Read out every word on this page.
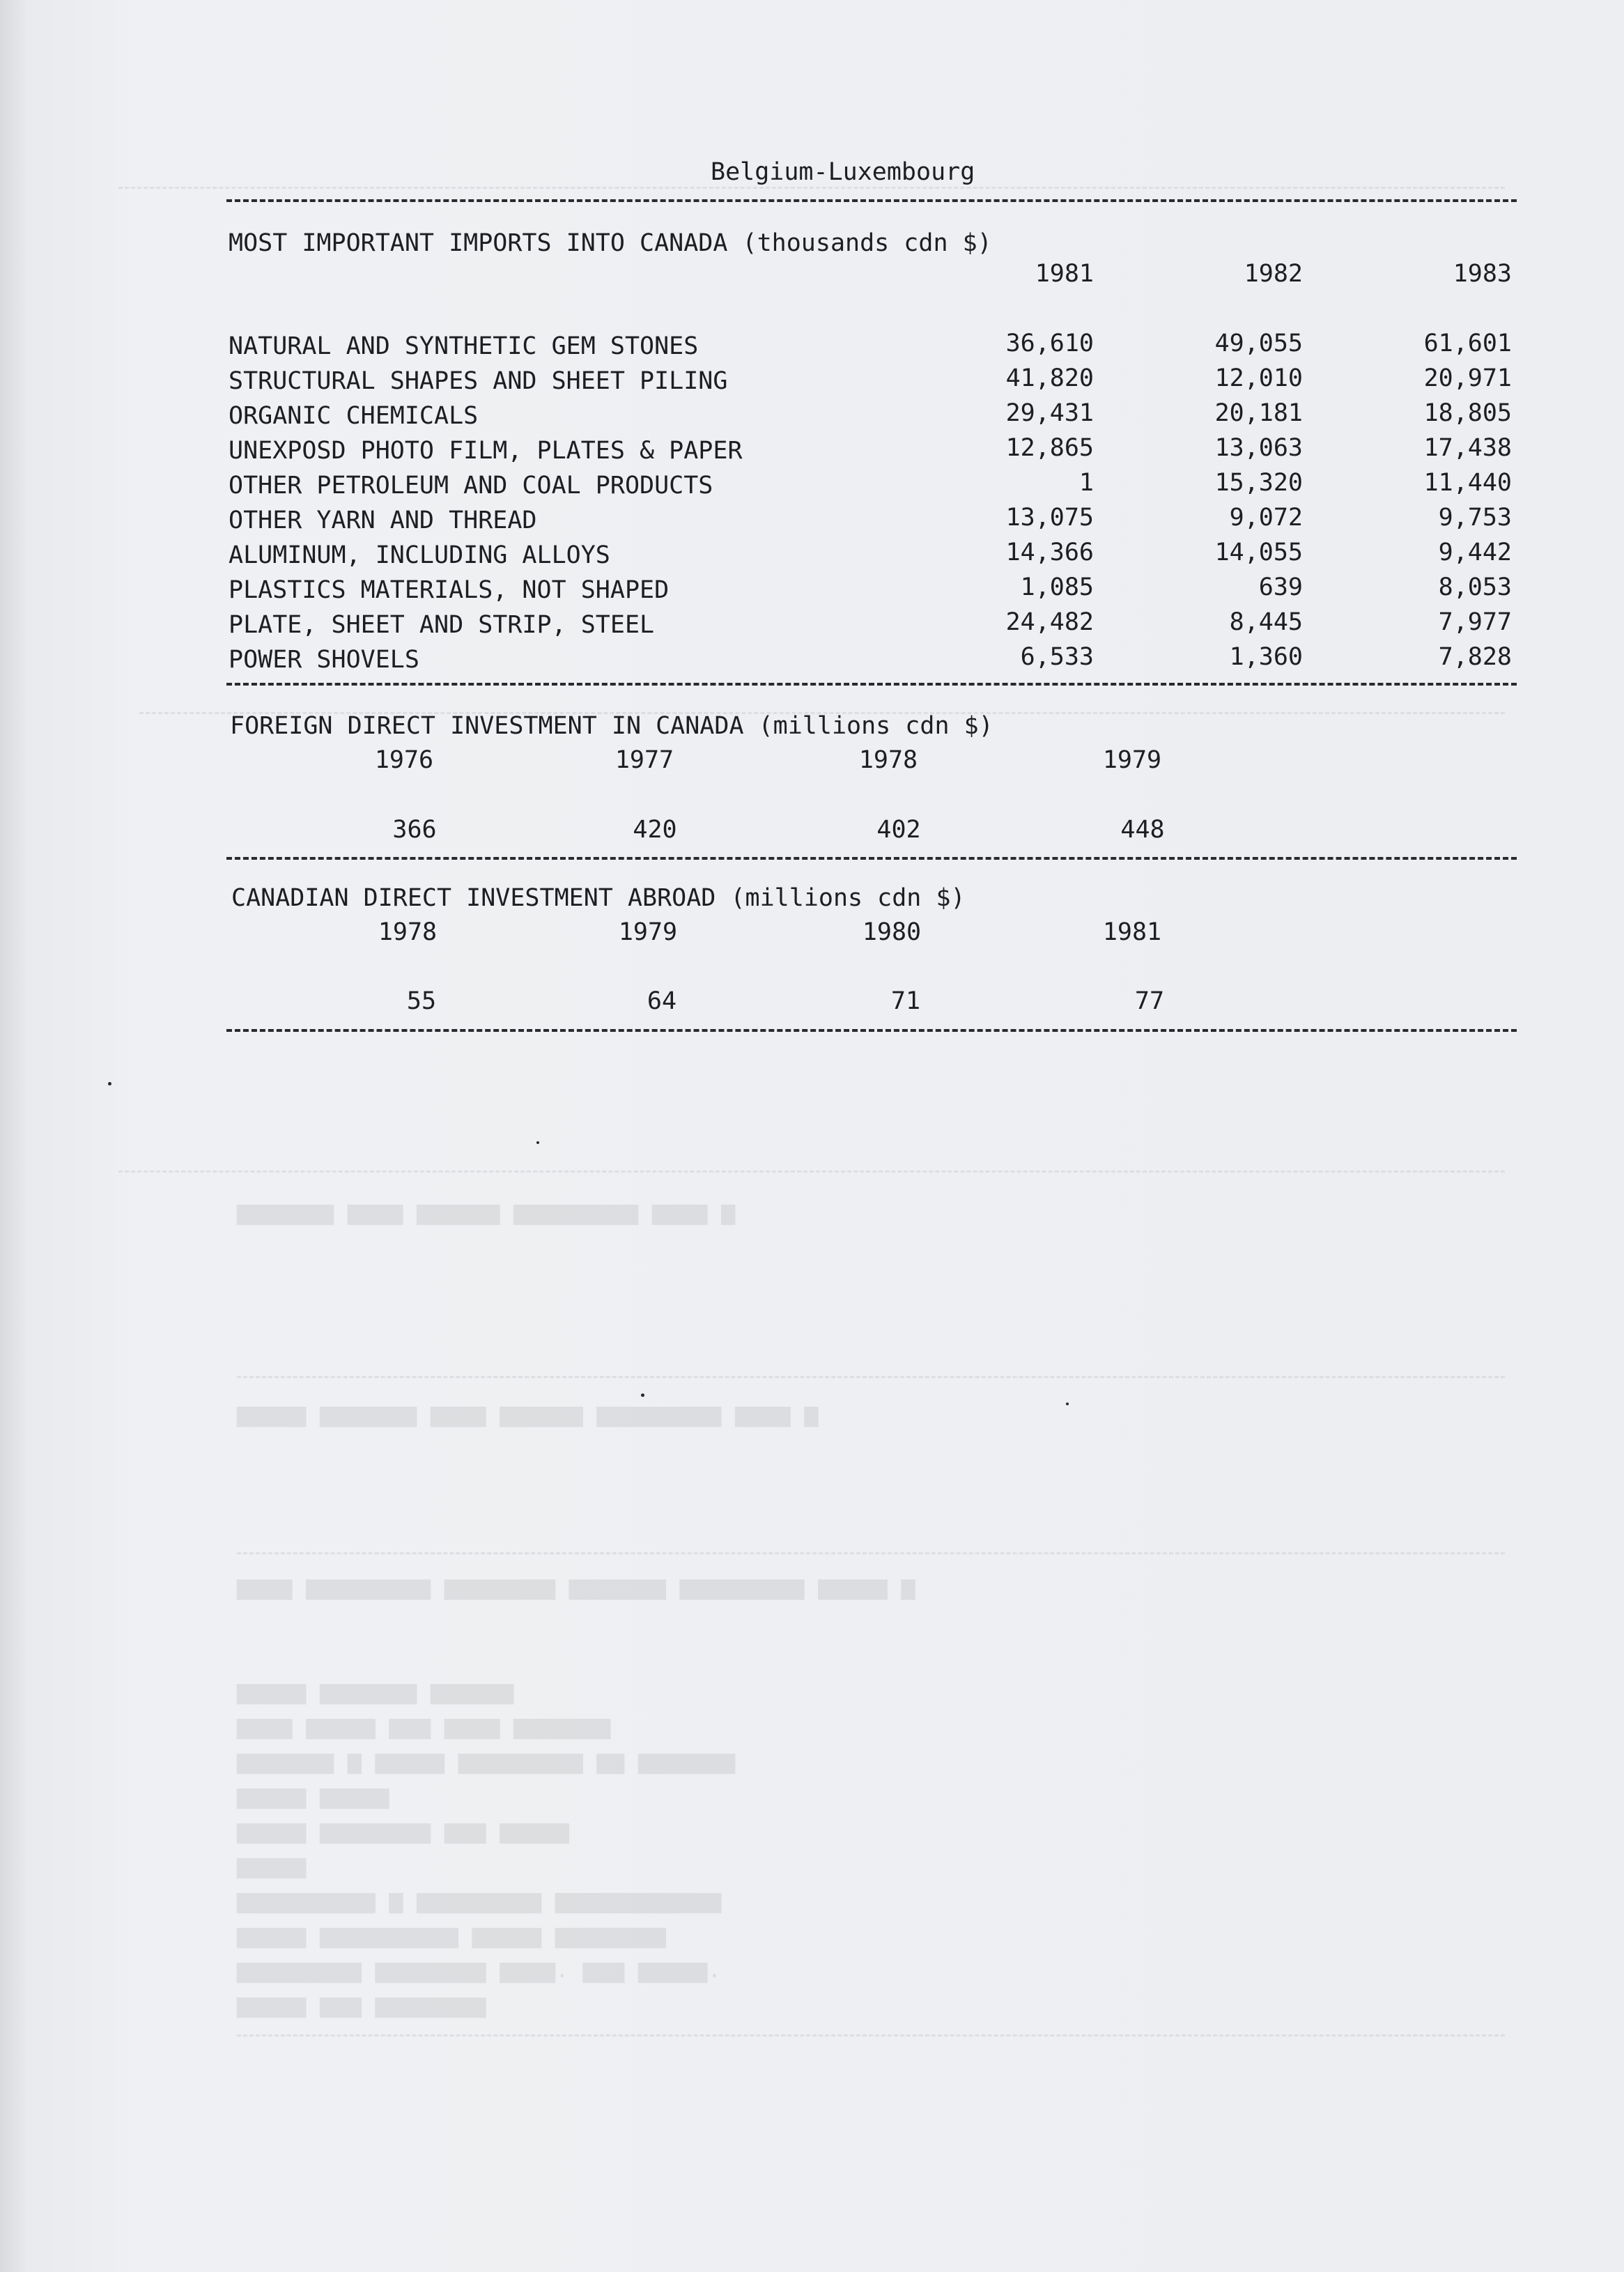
▆▆▆▆▆▆▆ ▆▆▆▆ ▆▆▆▆▆▆ ▆▆▆▆▆▆▆▆▆ ▆▆▆▆ ▆
▆▆▆▆▆ ▆▆▆▆▆▆▆ ▆▆▆▆ ▆▆▆▆▆▆ ▆▆▆▆▆▆▆▆▆ ▆▆▆▆ ▆
▆▆▆▆ ▆▆▆▆▆▆▆▆▆ ▆▆▆▆▆▆▆▆ ▆▆▆▆▆▆▆ ▆▆▆▆▆▆▆▆▆ ▆▆▆▆▆ ▆
▆▆▆▆▆ ▆▆▆▆▆▆▆ ▆▆▆▆▆▆
▆▆▆▆ ▆▆▆▆▆ ▆▆▆ ▆▆▆▆ ▆▆▆▆▆▆▆
▆▆▆▆▆▆▆ ▆ ▆▆▆▆▆ ▆▆▆▆▆▆▆▆▆ ▆▆ ▆▆▆▆▆▆▆
▆▆▆▆▆ ▆▆▆▆▆
▆▆▆▆▆ ▆▆▆▆▆▆▆▆ ▆▆▆ ▆▆▆▆▆
▆▆▆▆▆
▆▆▆▆▆▆▆▆▆▆ ▆ ▆▆▆▆▆▆▆▆▆ ▆▆▆▆▆▆▆▆▆▆▆▆
▆▆▆▆▆ ▆▆▆▆▆▆▆▆▆▆ ▆▆▆▆▆ ▆▆▆▆▆▆▆▆
▆▆▆▆▆▆▆▆▆ ▆▆▆▆▆▆▆▆ ▆▆▆▆. ▆▆▆ ▆▆▆▆▆.
▆▆▆▆▆ ▆▆▆ ▆▆▆▆▆▆▆▆
Belgium-Luxembourg
MOST IMPORTANT IMPORTS INTO CANADA (thousands cdn $)
1981	1982	1983
NATURAL AND SYNTHETIC GEM STONES	36,610	49,055	61,601
STRUCTURAL SHAPES AND SHEET PILING	41,820	12,010	20,971
ORGANIC CHEMICALS	29,431	20,181	18,805
UNEXPOSD PHOTO FILM, PLATES & PAPER	12,865	13,063	17,438
OTHER PETROLEUM AND COAL PRODUCTS	1	15,320	11,440
OTHER YARN AND THREAD	13,075	9,072	9,753
ALUMINUM, INCLUDING ALLOYS	14,366	14,055	9,442
PLASTICS MATERIALS, NOT SHAPED	1,085	639	8,053
PLATE, SHEET AND STRIP, STEEL	24,482	8,445	7,977
POWER SHOVELS	6,533	1,360	7,828
FOREIGN DIRECT INVESTMENT IN CANADA (millions cdn $)
1976	1977	1978	1979
366	420	402	448
CANADIAN DIRECT INVESTMENT ABROAD (millions cdn $)
1978	1979	1980	1981
55	64	71	77
